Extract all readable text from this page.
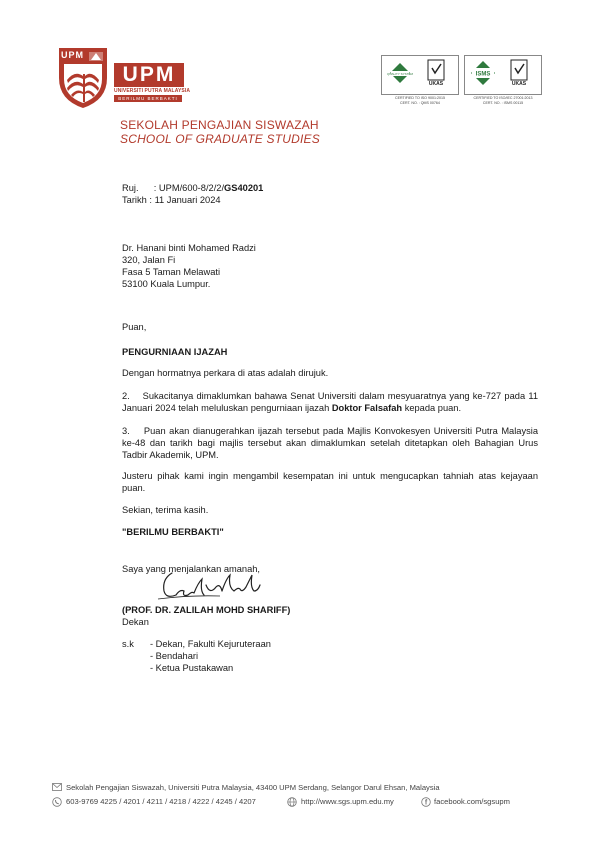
UPM
UPM
UNIVERSITI PUTRA MALAYSIA
BERILMU BERBAKTI
SEKOLAH PENGAJIAN SISWAZAH
SCHOOL OF GRADUATE STUDIES
QUALITY SYSTEM
UKAS
CERTIFIED TO ISO 9001:2015
CERT. NO. : QMS 00764
ISMS
UKAS
CERTIFIED TO ISO/IEC 27001:2013
CERT. NO. : ISMS 00115
Ruj. : UPM/600-8/2/2/GS40201
Tarikh : 11 Januari 2024
Dr. Hanani binti Mohamed Radzi
320, Jalan Fi
Fasa 5 Taman Melawati
53100 Kuala Lumpur.
Puan,
PENGURNIAAN IJAZAH
Dengan hormatnya perkara di atas adalah dirujuk.
2.    Sukacitanya dimaklumkan bahawa Senat Universiti dalam mesyuaratnya yang ke-727 pada 11 Januari 2024 telah meluluskan pengurniaan ijazah Doktor Falsafah kepada puan.
3.    Puan akan dianugerahkan ijazah tersebut pada Majlis Konvokesyen Universiti Putra Malaysia ke-48 dan tarikh bagi majlis tersebut akan dimaklumkan setelah ditetapkan oleh Bahagian Urus Tadbir Akademik, UPM.
Justeru pihak kami ingin mengambil kesempatan ini untuk mengucapkan tahniah atas kejayaan puan.
Sekian, terima kasih.
"BERILMU BERBAKTI"
Saya yang menjalankan amanah,
(PROF. DR. ZALILAH MOHD SHARIFF)
Dekan
s.k - Dekan, Fakulti Kejuruteraan
- Bendahari
- Ketua Pustakawan
Sekolah Pengajian Siswazah, Universiti Putra Malaysia, 43400 UPM Serdang, Selangor Darul Ehsan, Malaysia
603-9769 4225 / 4201 / 4211 / 4218 / 4222 / 4245 / 4207	http://www.sgs.upm.edu.my	f facebook.com/sgsupm
